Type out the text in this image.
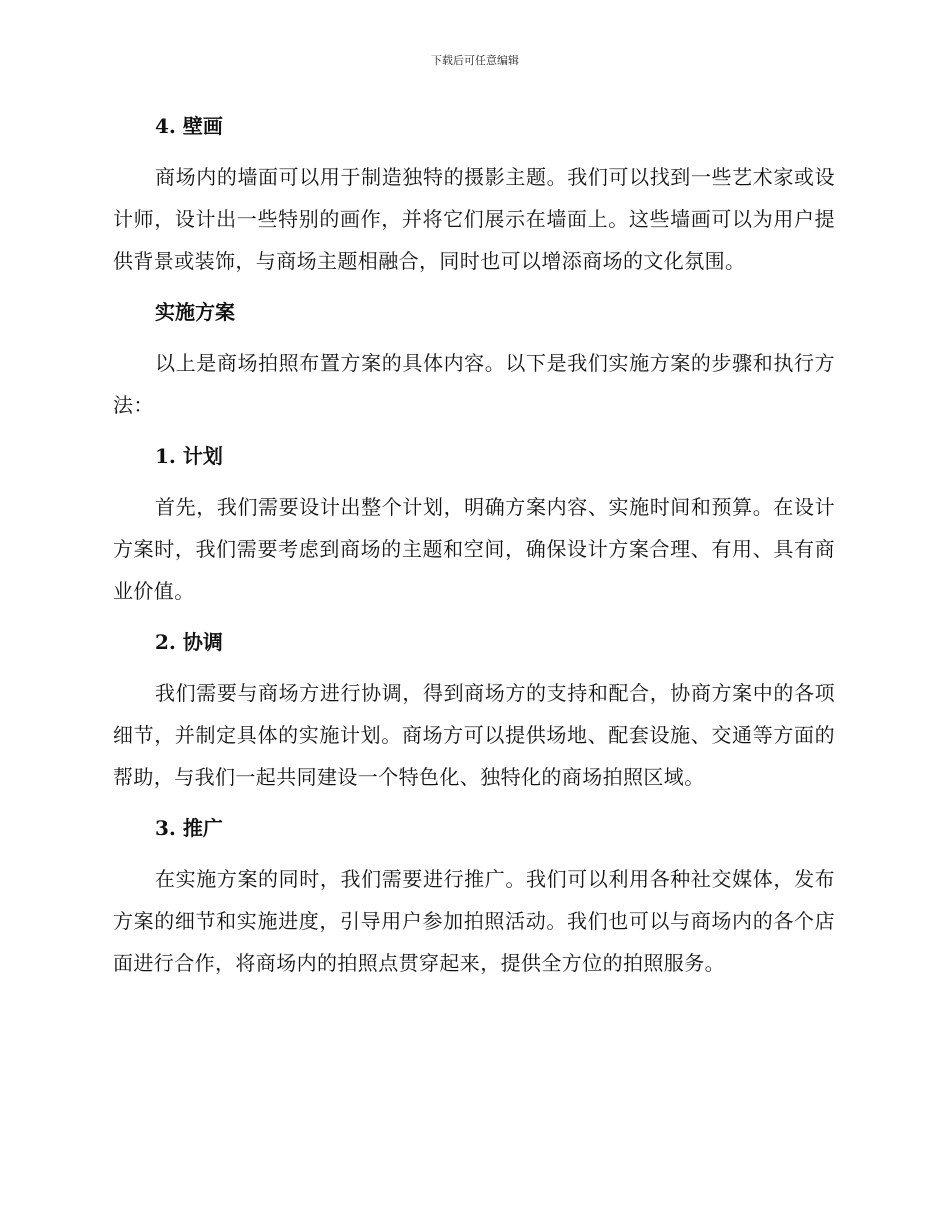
下载后可任意编辑
4. 壁画

商场内的墙面可以用于制造独特的摄影主题。我们可以找到一些艺术家或设计师，设计出一些特别的画作，并将它们展示在墙面上。这些墙画可以为用户提供背景或装饰，与商场主题相融合，同时也可以增添商场的文化氛围。

实施方案

以上是商场拍照布置方案的具体内容。以下是我们实施方案的步骤和执行方法：

1. 计划

首先，我们需要设计出整个计划，明确方案内容、实施时间和预算。在设计方案时，我们需要考虑到商场的主题和空间，确保设计方案合理、有用、具有商业价值。

2. 协调

我们需要与商场方进行协调，得到商场方的支持和配合，协商方案中的各项细节，并制定具体的实施计划。商场方可以提供场地、配套设施、交通等方面的帮助，与我们一起共同建设一个特色化、独特化的商场拍照区域。

3. 推广

在实施方案的同时，我们需要进行推广。我们可以利用各种社交媒体，发布方案的细节和实施进度，引导用户参加拍照活动。我们也可以与商场内的各个店面进行合作，将商场内的拍照点贯穿起来，提供全方位的拍照服务。
